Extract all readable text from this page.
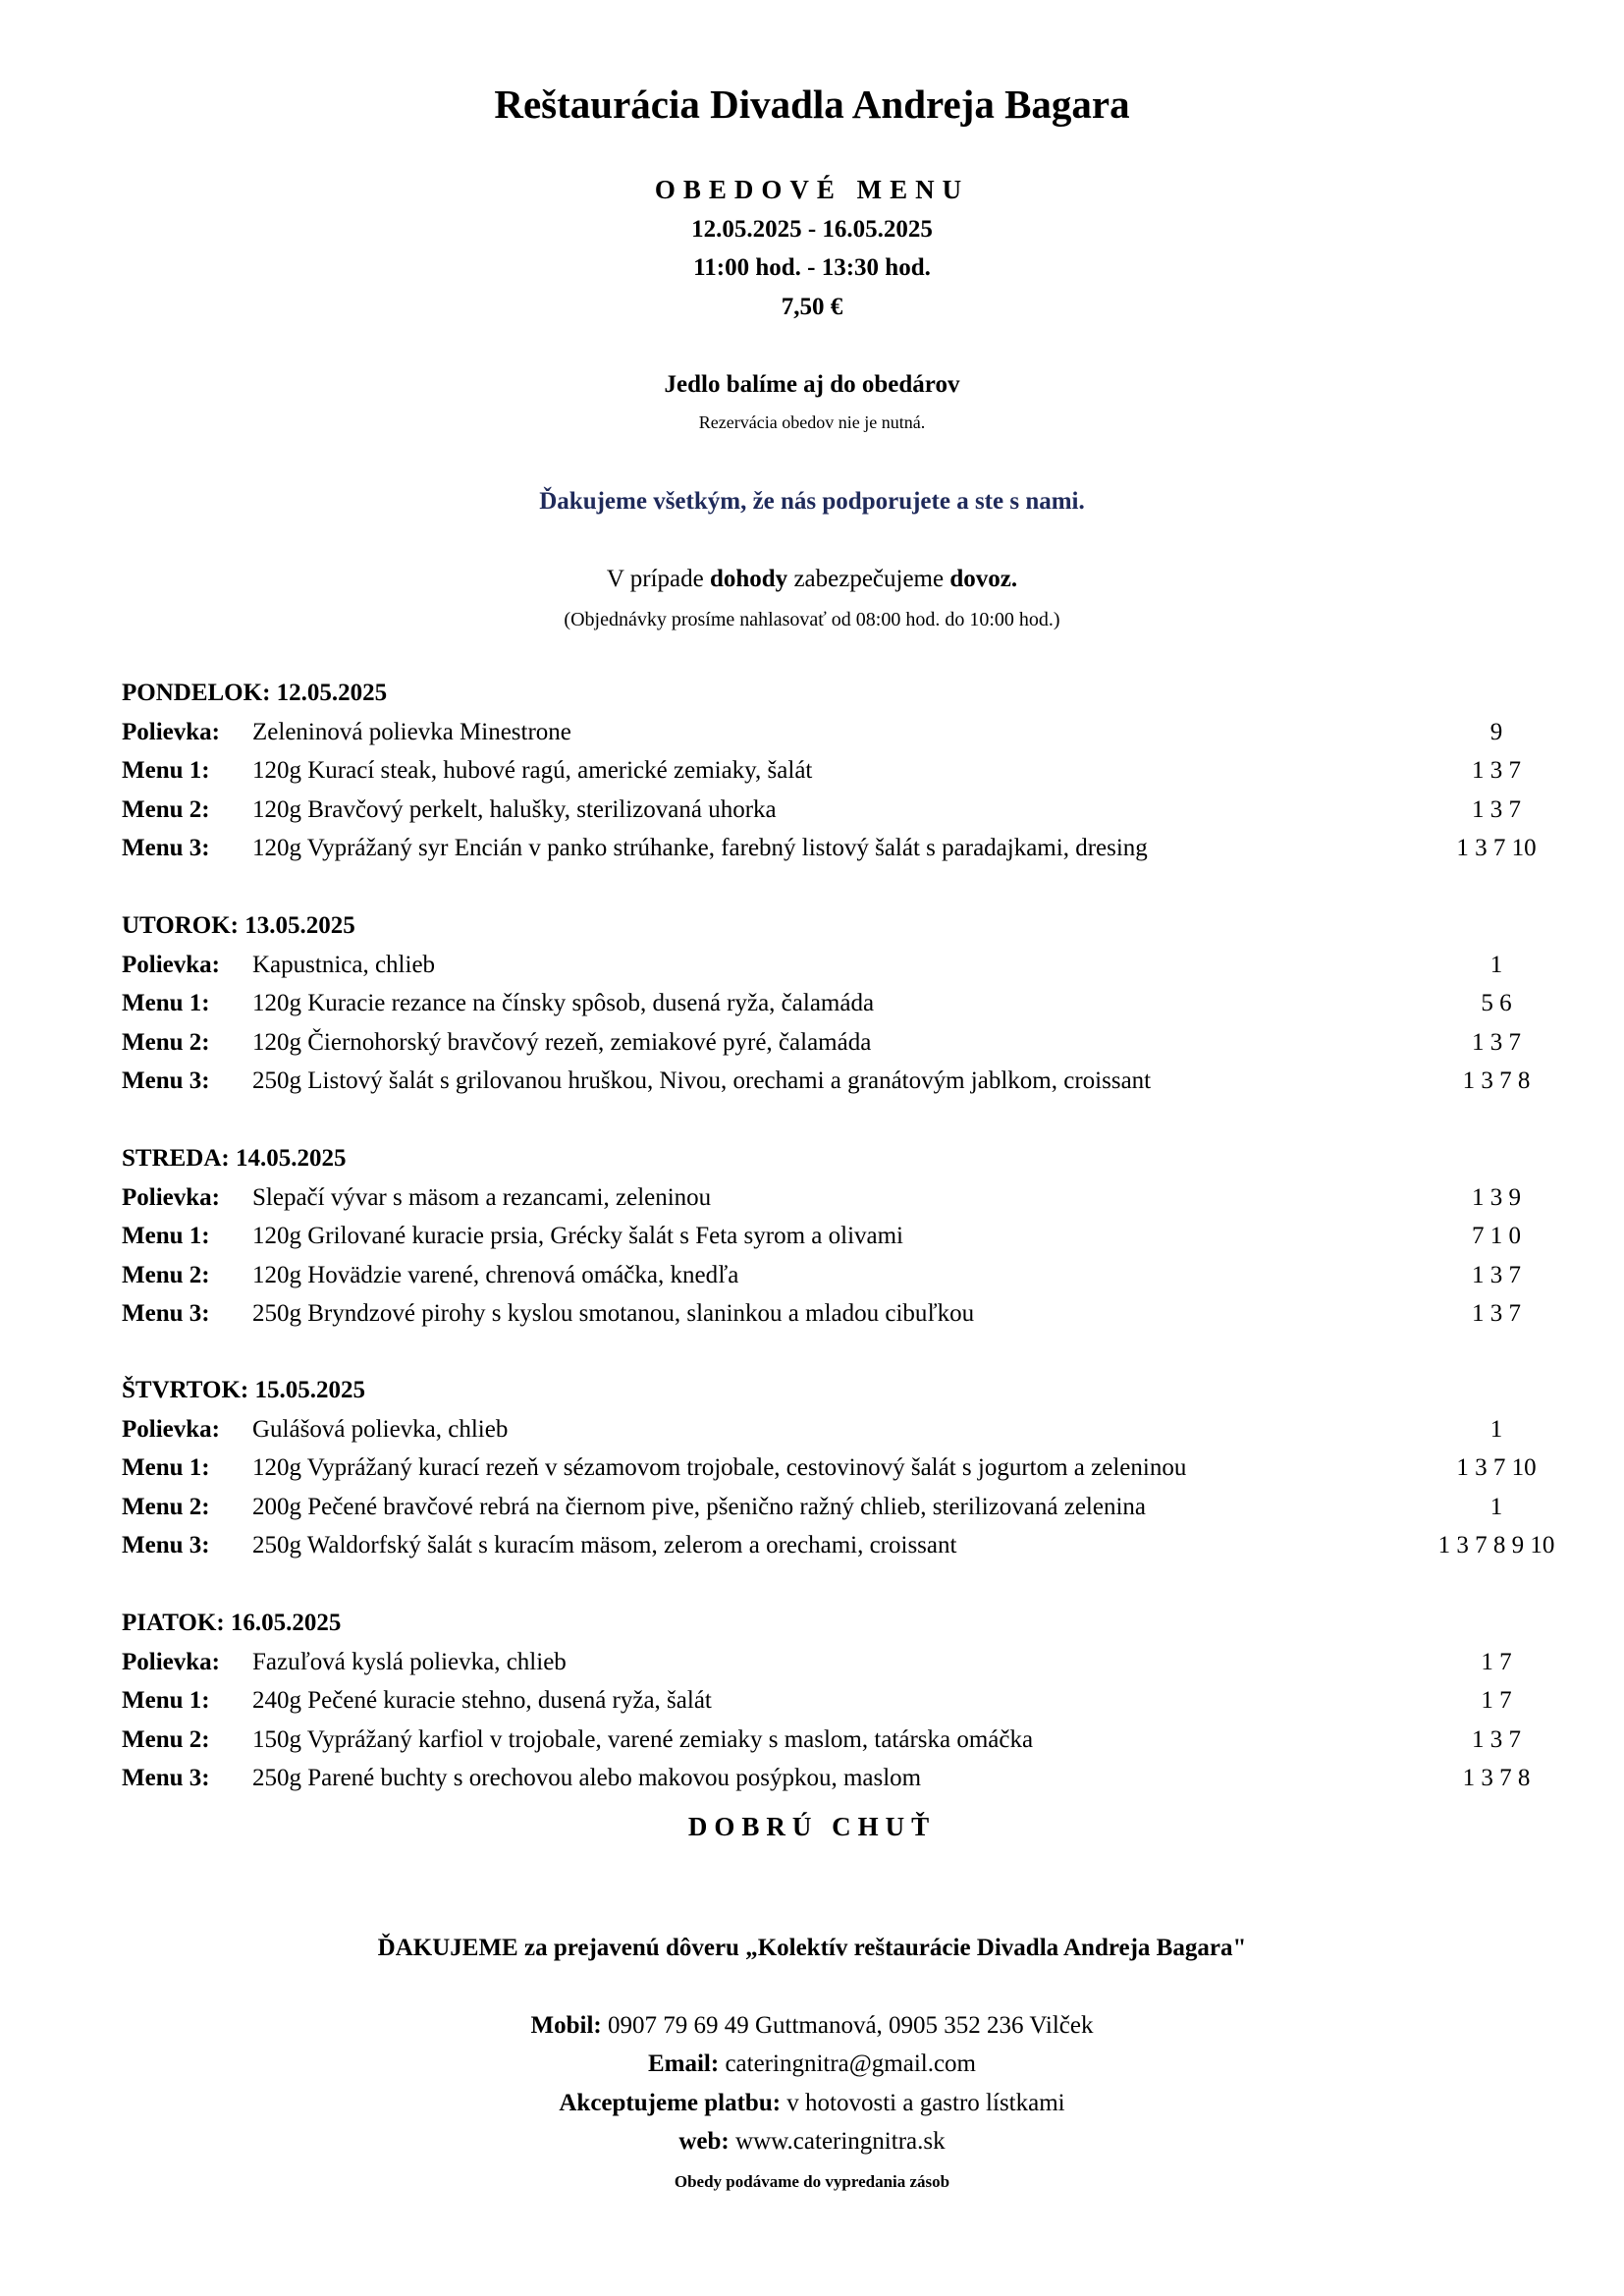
Reštaurácia Divadla Andreja Bagara
OBEDOVÉ MENU
12.05.2025 - 16.05.2025
11:00 hod. - 13:30 hod.
7,50 €
Jedlo balíme aj do obedárov
Rezervácia obedov nie je nutná.
Ďakujeme všetkým, že nás podporujete a ste s nami.
V prípade dohody zabezpečujeme dovoz.
(Objednávky prosíme nahlasovať od 08:00 hod. do 10:00 hod.)
PONDELOK: 12.05.2025
Polievka: Zeleninová polievka Minestrone	9
Menu 1: 120g Kurací steak, hubové ragú, americké zemiaky, šalát	1 3 7
Menu 2: 120g Bravčový perkelt, halušky, sterilizovaná uhorka	1 3 7
Menu 3: 120g Vyprážaný syr Encián v panko strúhanke, farebný listový šalát s paradajkami, dresing	1 3 7 10
UTOROK: 13.05.2025
Polievka: Kapustnica, chlieb	1
Menu 1: 120g Kuracie rezance na čínsky spôsob, dusená ryža, čalamáda	5 6
Menu 2: 120g Čiernohorský bravčový rezeň, zemiakové pyré, čalamáda	1 3 7
Menu 3: 250g Listový šalát s grilovanou hruškou, Nivou, orechami a granátovým jablkom, croissant	1 3 7 8
STREDA: 14.05.2025
Polievka: Slepačí vývar s mäsom a rezancami, zeleninou	1 3 9
Menu 1: 120g Grilované kuracie prsia, Grécky šalát s Feta syrom a olivami	7 1 0
Menu 2: 120g Hovädzie varené, chrenová omáčka, knedľa	1 3 7
Menu 3: 250g Bryndzové pirohy s kyslou smotanou, slaninkou a mladou cibuľkou	1 3 7
ŠTVRTOK: 15.05.2025
Polievka: Gulášová polievka, chlieb	1
Menu 1: 120g Vyprážaný kurací rezeň v sézamovom trojobale, cestovinový šalát s jogurtom a zeleninou	1 3 7 10
Menu 2: 200g Pečené bravčové rebrá na čiernom pive, pšenično ražný chlieb, sterilizovaná zelenina	1
Menu 3: 250g Waldorfský šalát s kuracím mäsom, zelerom a orechami, croissant	1 3 7 8 9 10
PIATOK: 16.05.2025
Polievka: Fazuľová kyslá polievka, chlieb	1 7
Menu 1: 240g Pečené kuracie stehno, dusená ryža, šalát	1 7
Menu 2: 150g Vyprážaný karfiol v trojobale, varené zemiaky s maslom, tatárska omáčka	1 3 7
Menu 3: 250g Parené buchty s orechovou alebo makovou posýpkou, maslom	1 3 7 8
DOBRÚ CHUŤ
ĎAKUJEME za prejavenú dôveru „Kolektív reštaurácie Divadla Andreja Bagara"
Mobil: 0907 79 69 49 Guttmanová, 0905 352 236 Vilček
Email: cateringnitra@gmail.com
Akceptujeme platbu: v hotovosti a gastro lístkami
web: www.cateringnitra.sk
Obedy podávame do vypredania zásob
